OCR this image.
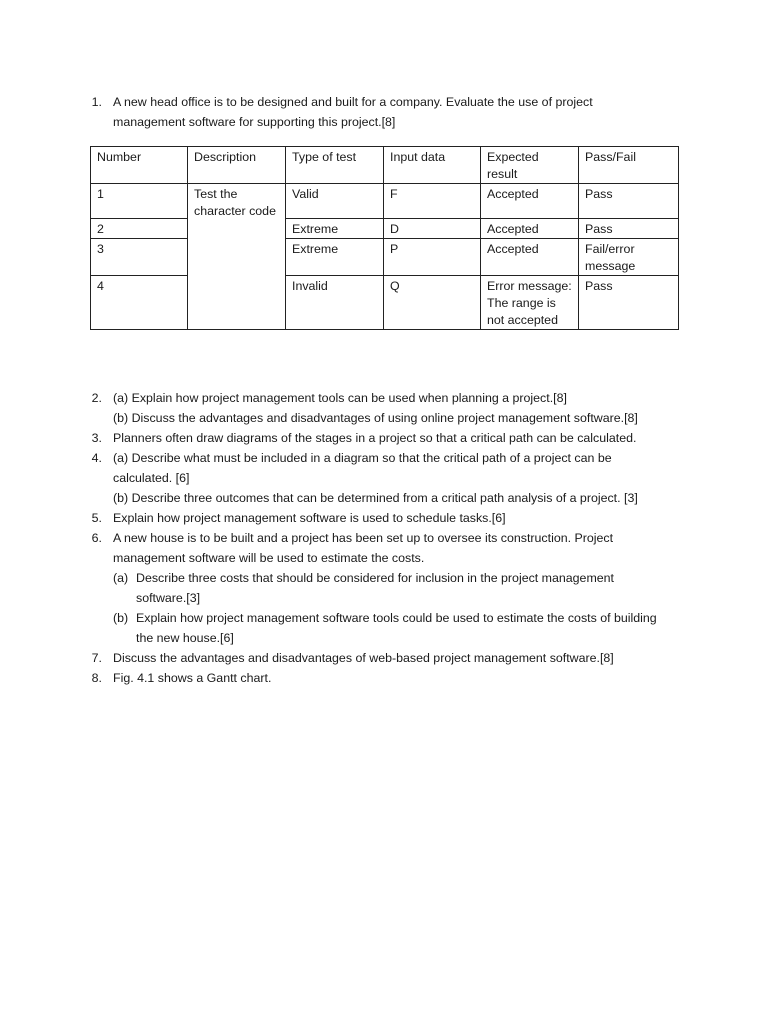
1. A new head office is to be designed and built for a company. Evaluate the use of project
management software for supporting this project.[8]
Number	Description	Type of test	Input data	Expected result	Pass/Fail
1	Test the character code	Valid	F	Accepted	Pass
2		Extreme	D	Accepted	Pass
3		Extreme	P	Accepted	Fail/error message
4		Invalid	Q	Error message: The range is not accepted	Pass
2. (a) Explain how project management tools can be used when planning a project.[8]
(b) Discuss the advantages and disadvantages of using online project management software.[8]
3. Planners often draw diagrams of the stages in a project so that a critical path can be calculated.
4. (a) Describe what must be included in a diagram so that the critical path of a project can be
calculated. [6]
(b) Describe three outcomes that can be determined from a critical path analysis of a project. [3]
5. Explain how project management software is used to schedule tasks.[6]
6. A new house is to be built and a project has been set up to oversee its construction. Project
management software will be used to estimate the costs.
(a) Describe three costs that should be considered for inclusion in the project management
software.[3]
(b) Explain how project management software tools could be used to estimate the costs of building
the new house.[6]
7. Discuss the advantages and disadvantages of web-based project management software.[8]
8. Fig. 4.1 shows a Gantt chart.
